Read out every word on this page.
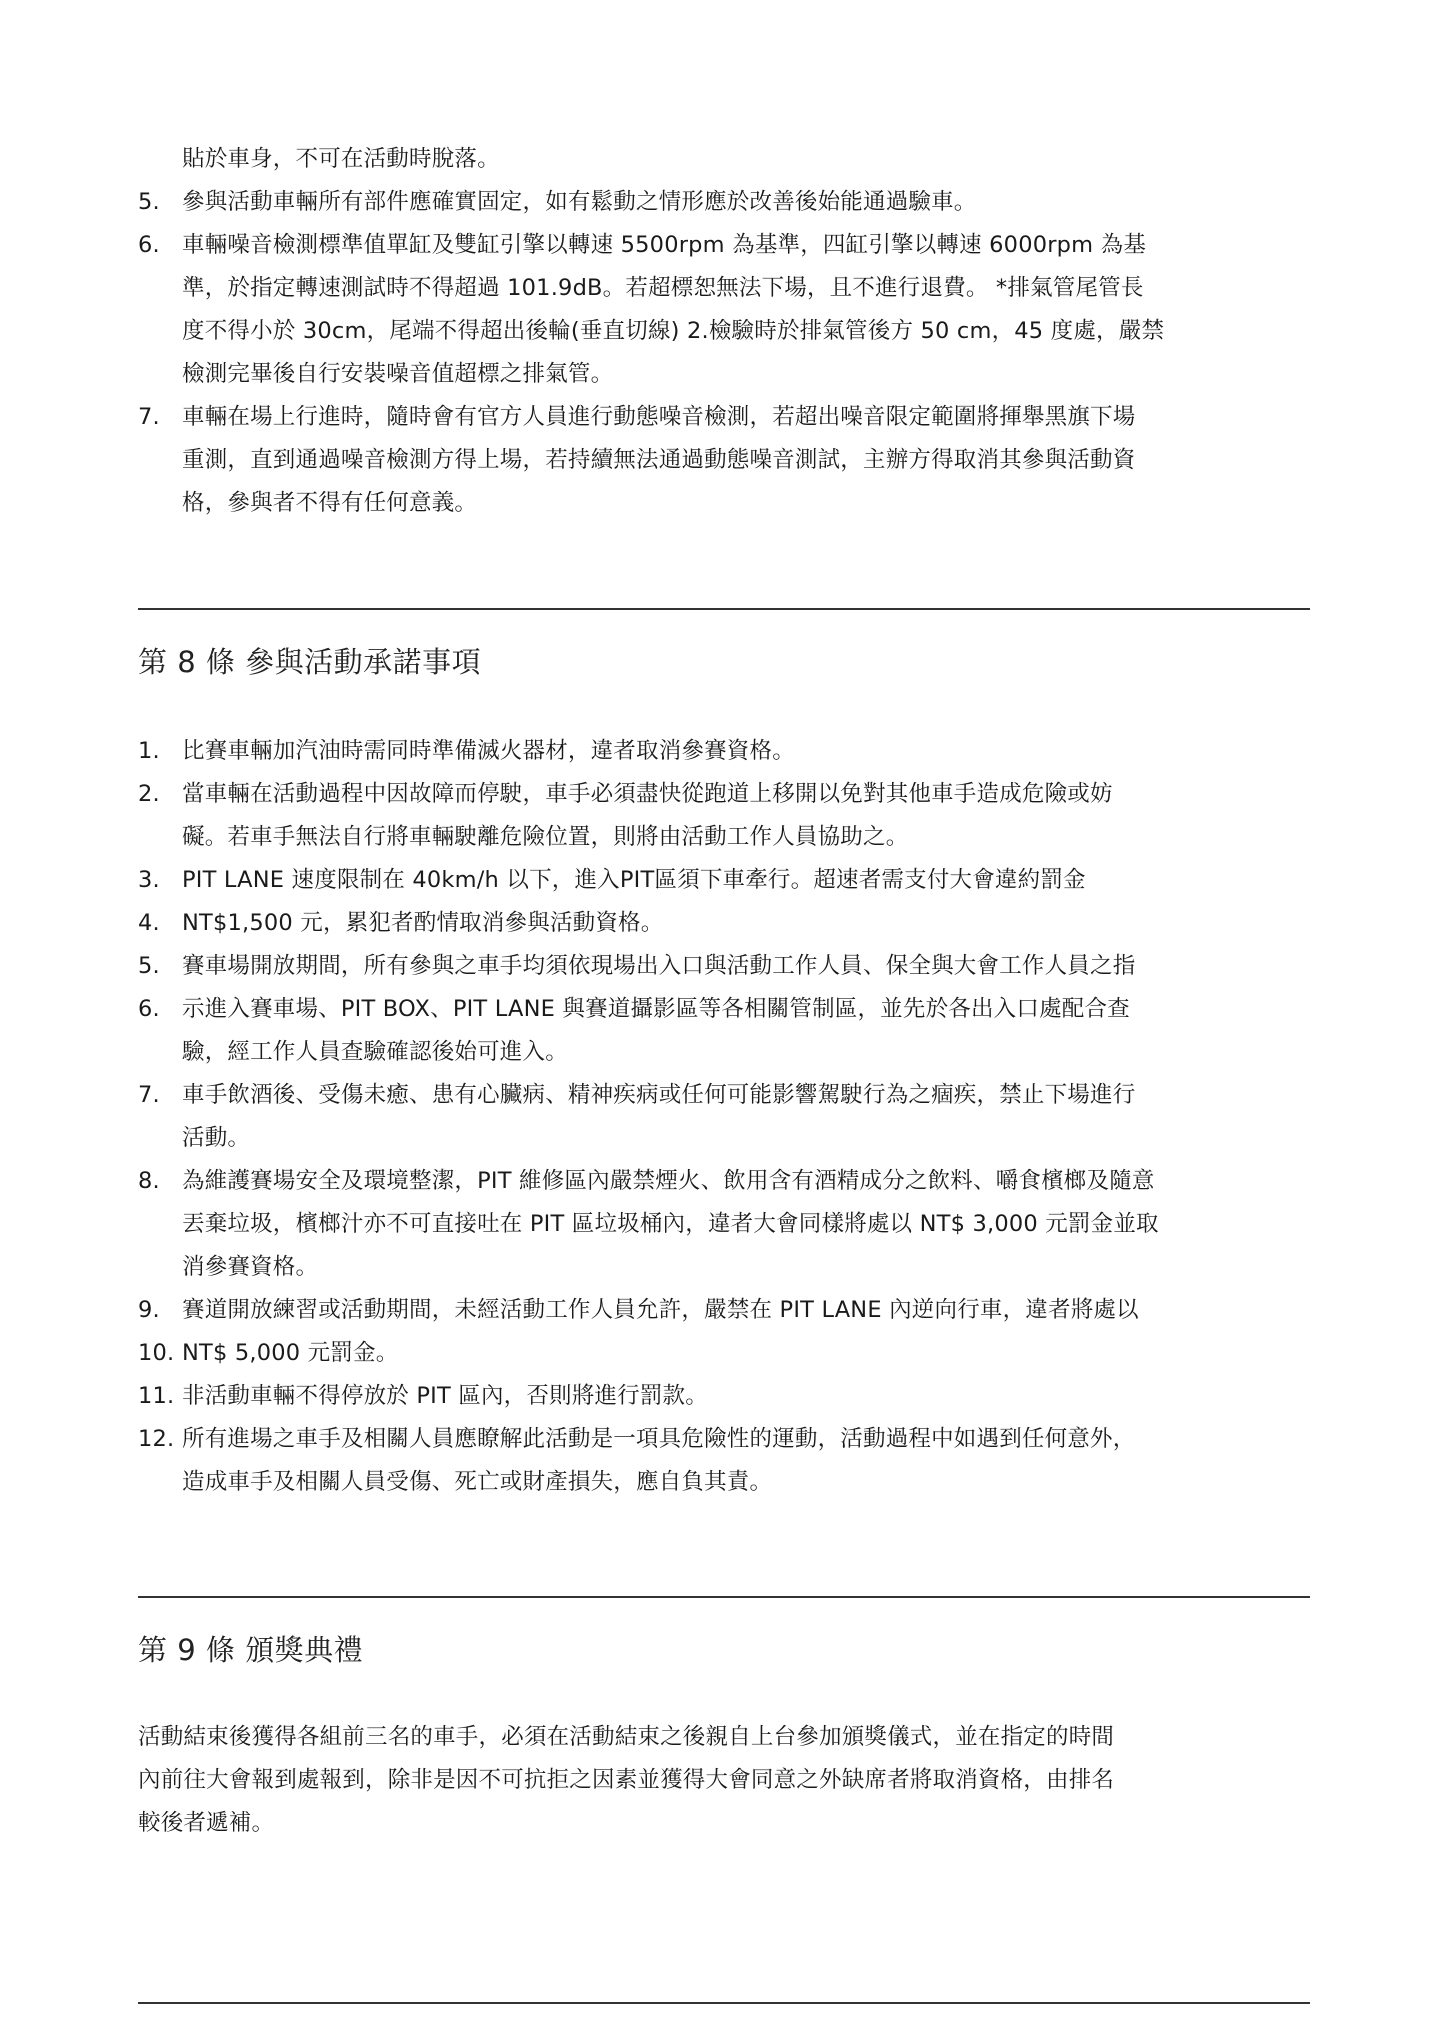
貼於車身，不可在活動時脫落。
5. 參與活動車輛所有部件應確實固定，如有鬆動之情形應於改善後始能通過驗車。
6. 車輛噪音檢測標準值單缸及雙缸引擎以轉速 5500rpm 為基準，四缸引擎以轉速 6000rpm 為基
準，於指定轉速測試時不得超過 101.9dB。若超標恕無法下場，且不進行退費。 *排氣管尾管長
度不得小於 30cm，尾端不得超出後輪(垂直切線) 2.檢驗時於排氣管後方 50 cm，45 度處，嚴禁
檢測完畢後自行安裝噪音值超標之排氣管。
7. 車輛在場上行進時，隨時會有官方人員進行動態噪音檢測，若超出噪音限定範圍將揮舉黑旗下場
重測，直到通過噪音檢測方得上場，若持續無法通過動態噪音測試，主辦方得取消其參與活動資
格，參與者不得有任何意義。
第 8 條 參與活動承諾事項
1. 比賽車輛加汽油時需同時準備滅火器材，違者取消參賽資格。
2. 當車輛在活動過程中因故障而停駛，車手必須盡快從跑道上移開以免對其他車手造成危險或妨
礙。若車手無法自行將車輛駛離危險位置，則將由活動工作人員協助之。
3. PIT LANE 速度限制在 40km/h 以下，進入PIT區須下車牽行。超速者需支付大會違約罰金
4. NT$1,500 元，累犯者酌情取消參與活動資格。
5. 賽車場開放期間，所有參與之車手均須依現場出入口與活動工作人員、保全與大會工作人員之指
6. 示進入賽車場、PIT BOX、PIT LANE 與賽道攝影區等各相關管制區，並先於各出入口處配合查
驗，經工作人員查驗確認後始可進入。
7. 車手飲酒後、受傷未癒、患有心臟病、精神疾病或任何可能影響駕駛行為之痼疾，禁止下場進行
活動。
8. 為維護賽場安全及環境整潔，PIT 維修區內嚴禁煙火、飲用含有酒精成分之飲料、嚼食檳榔及隨意
丟棄垃圾，檳榔汁亦不可直接吐在 PIT 區垃圾桶內，違者大會同樣將處以 NT$ 3,000 元罰金並取
消參賽資格。
9. 賽道開放練習或活動期間，未經活動工作人員允許，嚴禁在 PIT LANE 內逆向行車，違者將處以
10. NT$ 5,000 元罰金。
11. 非活動車輛不得停放於 PIT 區內，否則將進行罰款。
12. 所有進場之車手及相關人員應瞭解此活動是一項具危險性的運動，活動過程中如遇到任何意外，
造成車手及相關人員受傷、死亡或財產損失，應自負其責。
第 9 條 頒獎典禮
活動結束後獲得各組前三名的車手，必須在活動結束之後親自上台參加頒獎儀式，並在指定的時間
內前往大會報到處報到，除非是因不可抗拒之因素並獲得大會同意之外缺席者將取消資格，由排名
較後者遞補。
